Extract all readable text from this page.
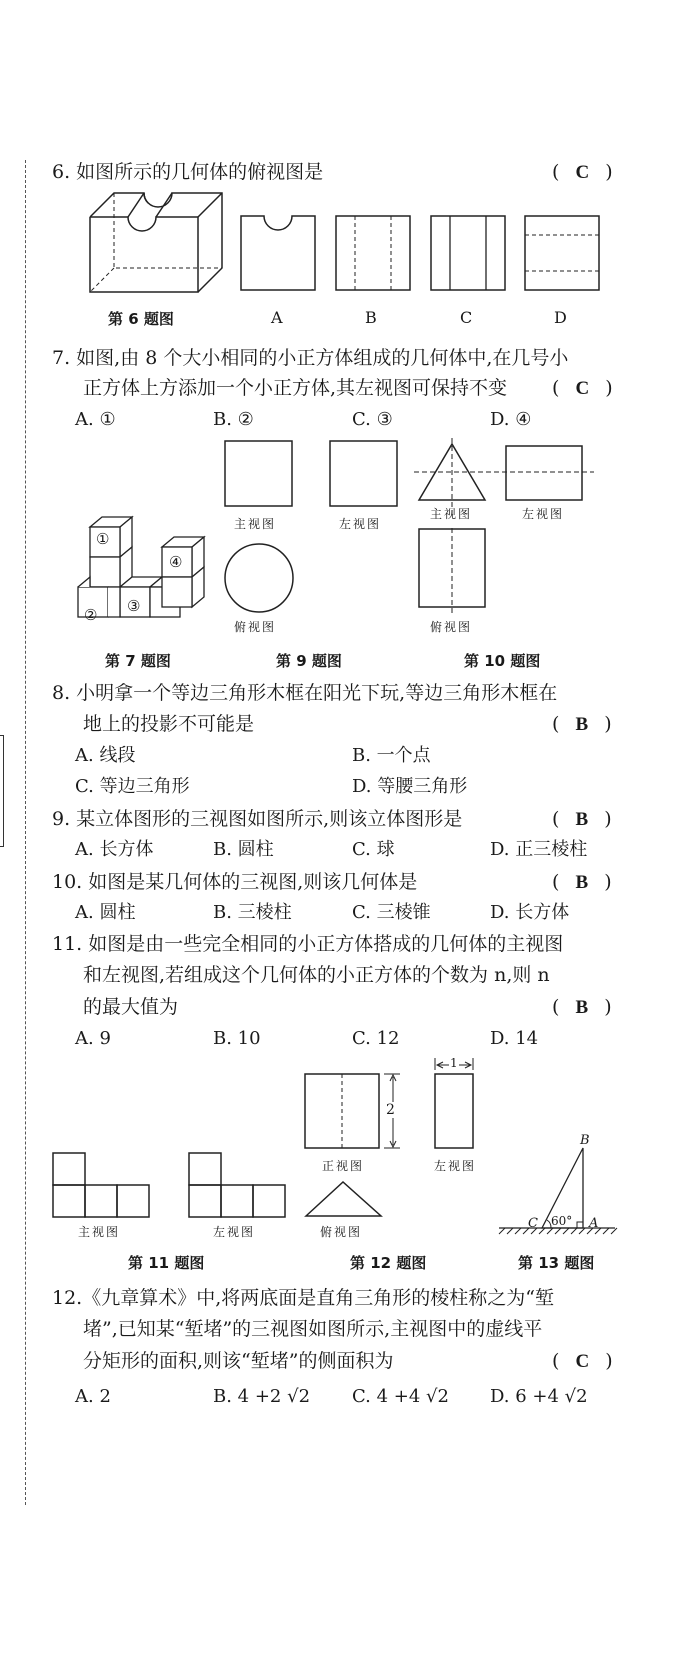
6. 如图所示的几何体的俯视图是	( C )
第 6 题图	A	B	C	D
7. 如图,由 8 个大小相同的小正方体组成的几何体中,在几号小
正方体上方添加一个小正方体,其左视图可保持不变 ( C )
A. ①	B. ②	C. ③	D. ④
①
② ③
④
第 7 题图
主视图	左视图
俯视图
第 9 题图
主视图	左视图
俯视图
第 10 题图
8. 小明拿一个等边三角形木框在阳光下玩,等边三角形木框在
地上的投影不可能是	( B )
A. 线段	B. 一个点
C. 等边三角形	D. 等腰三角形
9. 某立体图形的三视图如图所示,则该立体图形是	( B )
A. 长方体	B. 圆柱	C. 球	D. 正三棱柱
10. 如图是某几何体的三视图,则该几何体是	( B )
A. 圆柱	B. 三棱柱	C. 三棱锥	D. 长方体
11. 如图是由一些完全相同的小正方体搭成的几何体的主视图
和左视图,若组成这个几何体的小正方体的个数为 n,则 n
的最大值为	( B )
A. 9	B. 10	C. 12	D. 14
主视图	左视图
第 11 题图
2
正视图
1
左视图
俯视图
第 12 题图
B
C 60° A
第 13 题图
12.《九章算术》中,将两底面是直角三角形的棱柱称之为“堑
堵”,已知某“堑堵”的三视图如图所示,主视图中的虚线平
分矩形的面积,则该“堑堵”的侧面积为	( C )
A. 2	B. 4 +2 √2 C. 4 +4 √2 D. 6 +4 √2
